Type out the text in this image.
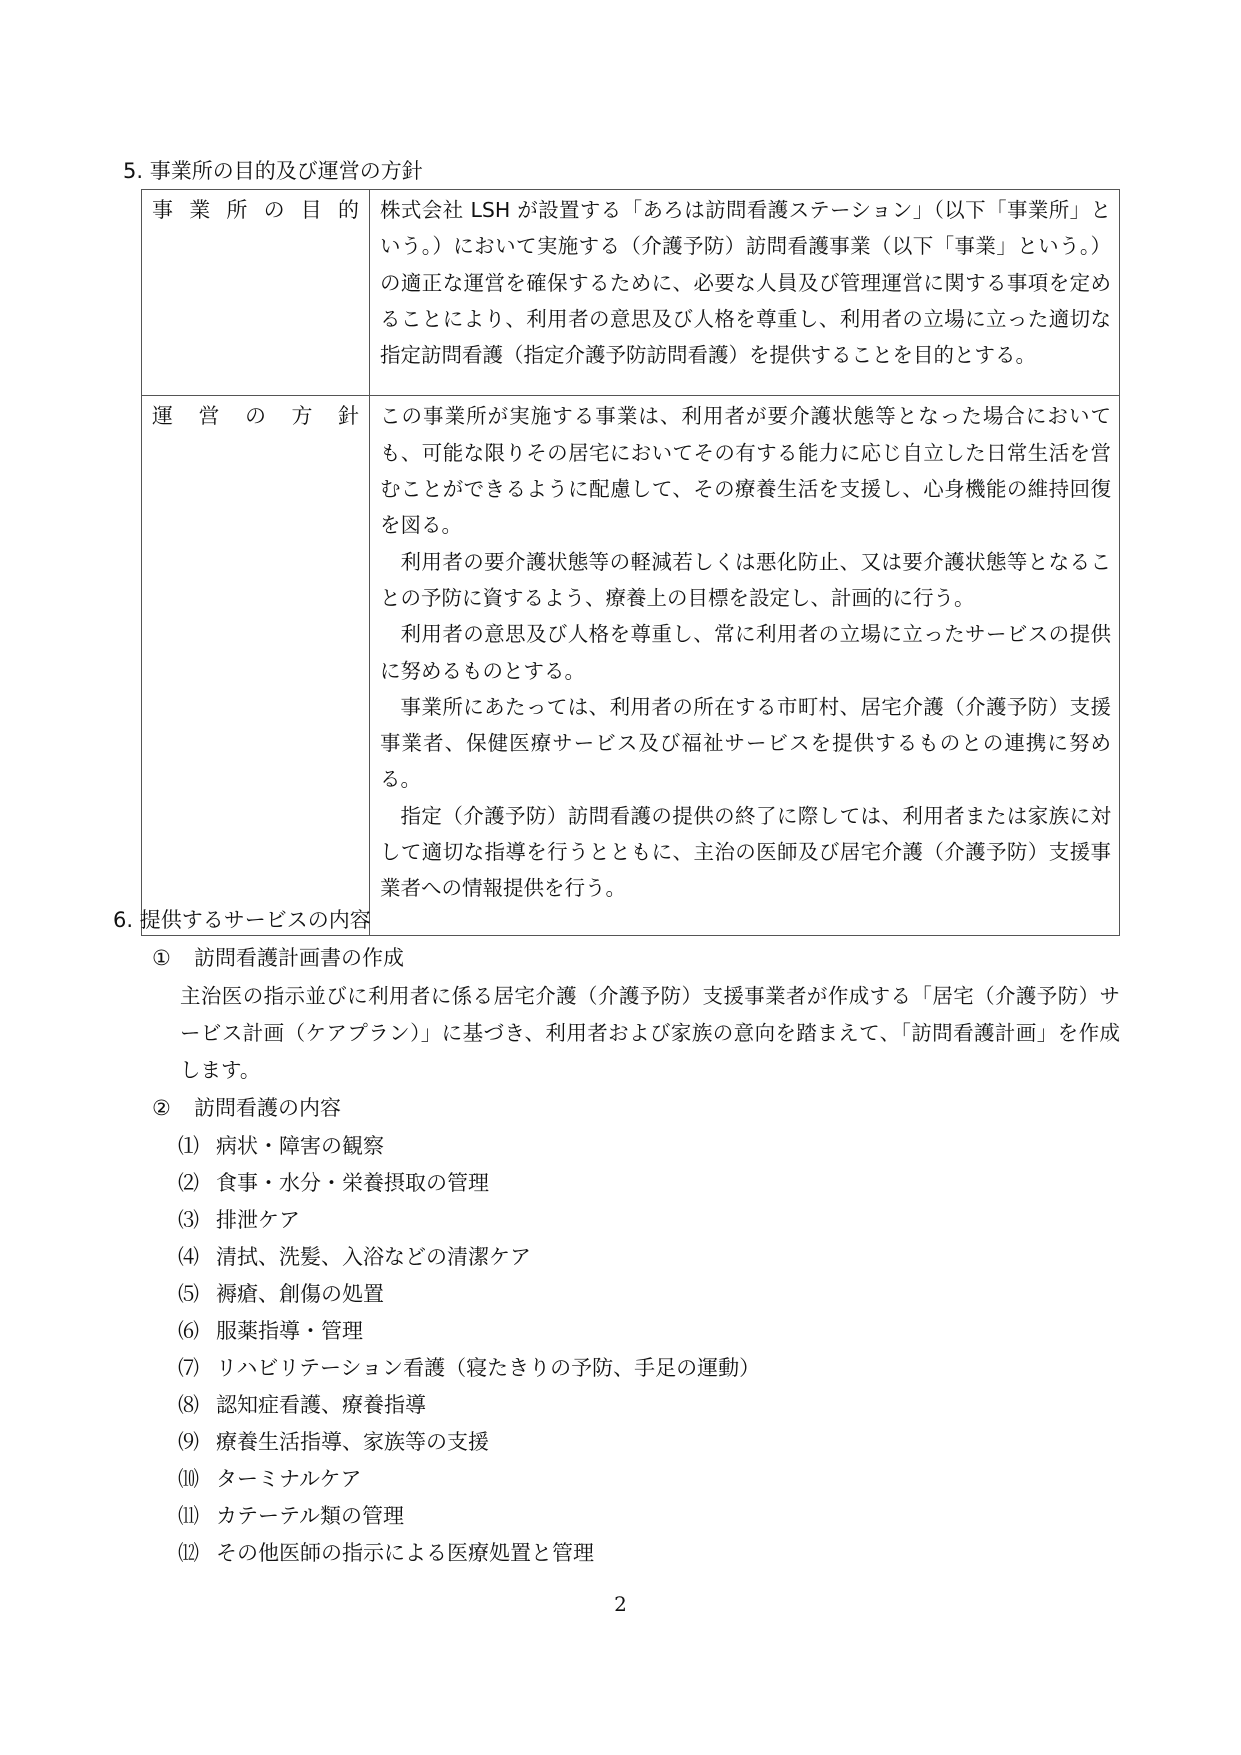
5. 事業所の目的及び運営の方針
事業所の目的	株式会社 LSH が設置する「あろは訪問看護ステーション」（以下「事業所」という。）において実施する（介護予防）訪問看護事業（以下「事業」という。）の適正な運営を確保するために、必要な人員及び管理運営に関する事項を定めることにより、利用者の意思及び人格を尊重し、利用者の立場に立った適切な指定訪問看護（指定介護予防訪問看護）を提供することを目的とする。

運営の方針	この事業所が実施する事業は、利用者が要介護状態等となった場合においても、可能な限りその居宅においてその有する能力に応じ自立した日常生活を営むことができるように配慮して、その療養生活を支援し、心身機能の維持回復を図る。

利用者の要介護状態等の軽減若しくは悪化防止、又は要介護状態等となることの予防に資するよう、療養上の目標を設定し、計画的に行う。

利用者の意思及び人格を尊重し、常に利用者の立場に立ったサービスの提供に努めるものとする。

事業所にあたっては、利用者の所在する市町村、居宅介護（介護予防）支援事業者、保健医療サービス及び福祉サービスを提供するものとの連携に努める。

指定（介護予防）訪問看護の提供の終了に際しては、利用者または家族に対して適切な指導を行うとともに、主治の医師及び居宅介護（介護予防）支援事業者への情報提供を行う。

6. 提供するサービスの内容
① 訪問看護計画書の作成
主治医の指示並びに利用者に係る居宅介護（介護予防）支援事業者が作成する「居宅（介護予防）サービス計画（ケアプラン）」に基づき、利用者および家族の意向を踏まえて、「訪問看護計画」を作成します。
② 訪問看護の内容
⑴ 病状・障害の観察
⑵ 食事・水分・栄養摂取の管理
⑶ 排泄ケア
⑷ 清拭、洗髪、入浴などの清潔ケア
⑸ 褥瘡、創傷の処置
⑹ 服薬指導・管理
⑺ リハビリテーション看護（寝たきりの予防、手足の運動）
⑻ 認知症看護、療養指導
⑼ 療養生活指導、家族等の支援
⑽ ターミナルケア
⑾ カテーテル類の管理
⑿ その他医師の指示による医療処置と管理
2
